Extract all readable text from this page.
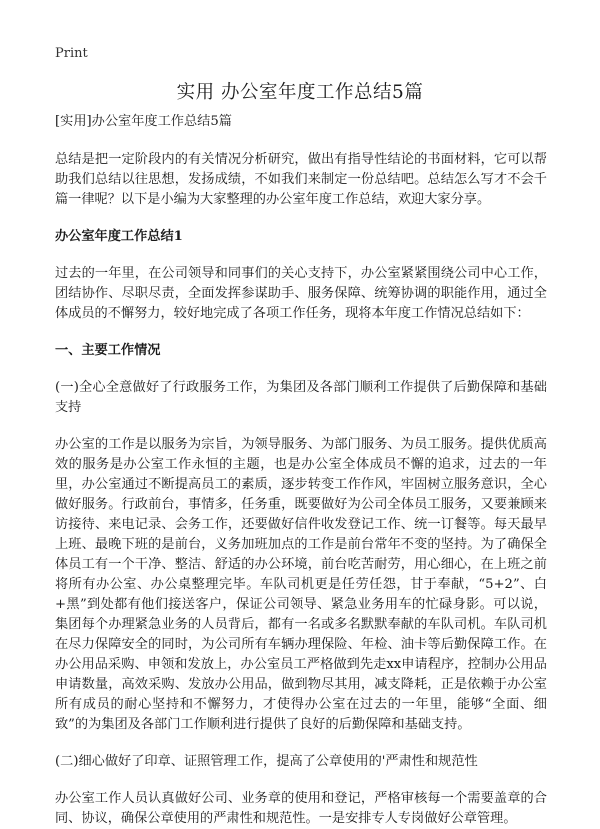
Print
实用 办公室年度工作总结5篇

[实用]办公室年度工作总结5篇

总结是把一定阶段内的有关情况分析研究，做出有指导性结论的书面材料，它可以帮助我们总结以往思想，发扬成绩，不如我们来制定一份总结吧。总结怎么写才不会千篇一律呢？以下是小编为大家整理的办公室年度工作总结，欢迎大家分享。

办公室年度工作总结1

过去的一年里，在公司领导和同事们的关心支持下，办公室紧紧围绕公司中心工作，团结协作、尽职尽责，全面发挥参谋助手、服务保障、统筹协调的职能作用，通过全体成员的不懈努力，较好地完成了各项工作任务，现将本年度工作情况总结如下：

一、主要工作情况

(一)全心全意做好了行政服务工作，为集团及各部门顺利工作提供了后勤保障和基础支持

办公室的工作是以服务为宗旨，为领导服务、为部门服务、为员工服务。提供优质高效的服务是办公室工作永恒的主题，也是办公室全体成员不懈的追求，过去的一年里，办公室通过不断提高员工的素质，逐步转变工作作风，牢固树立服务意识，全心做好服务。行政前台，事情多，任务重，既要做好为公司全体员工服务，又要兼顾来访接待、来电记录、会务工作，还要做好信件收发登记工作、统一订餐等。每天最早上班、最晚下班的是前台，义务加班加点的工作是前台常年不变的坚持。为了确保全体员工有一个干净、整洁、舒适的办公环境，前台吃苦耐劳，用心细心，在上班之前将所有办公室、办公桌整理完毕。车队司机更是任劳任怨，甘于奉献，“5+2”、白+黑”到处都有他们接送客户，保证公司领导、紧急业务用车的忙碌身影。可以说，集团每个办理紧急业务的人员背后，都有一名或多名默默奉献的车队司机。车队司机在尽力保障安全的同时，为公司所有车辆办理保险、年检、油卡等后勤保障工作。在办公用品采购、申领和发放上，办公室员工严格做到先走xx申请程序，控制办公用品申请数量，高效采购、发放办公用品，做到物尽其用，减支降耗，正是依赖于办公室所有成员的耐心坚持和不懈努力，才使得办公室在过去的一年里，能够“全面、细致”的为集团及各部门工作顺利进行提供了良好的后勤保障和基础支持。

(二)细心做好了印章、证照管理工作，提高了公章使用的'严肃性和规范性

办公室工作人员认真做好公司、业务章的使用和登记，严格审核每一个需要盖章的合同、协议，确保公章使用的严肃性和规范性。一是安排专人专岗做好公章管理。
